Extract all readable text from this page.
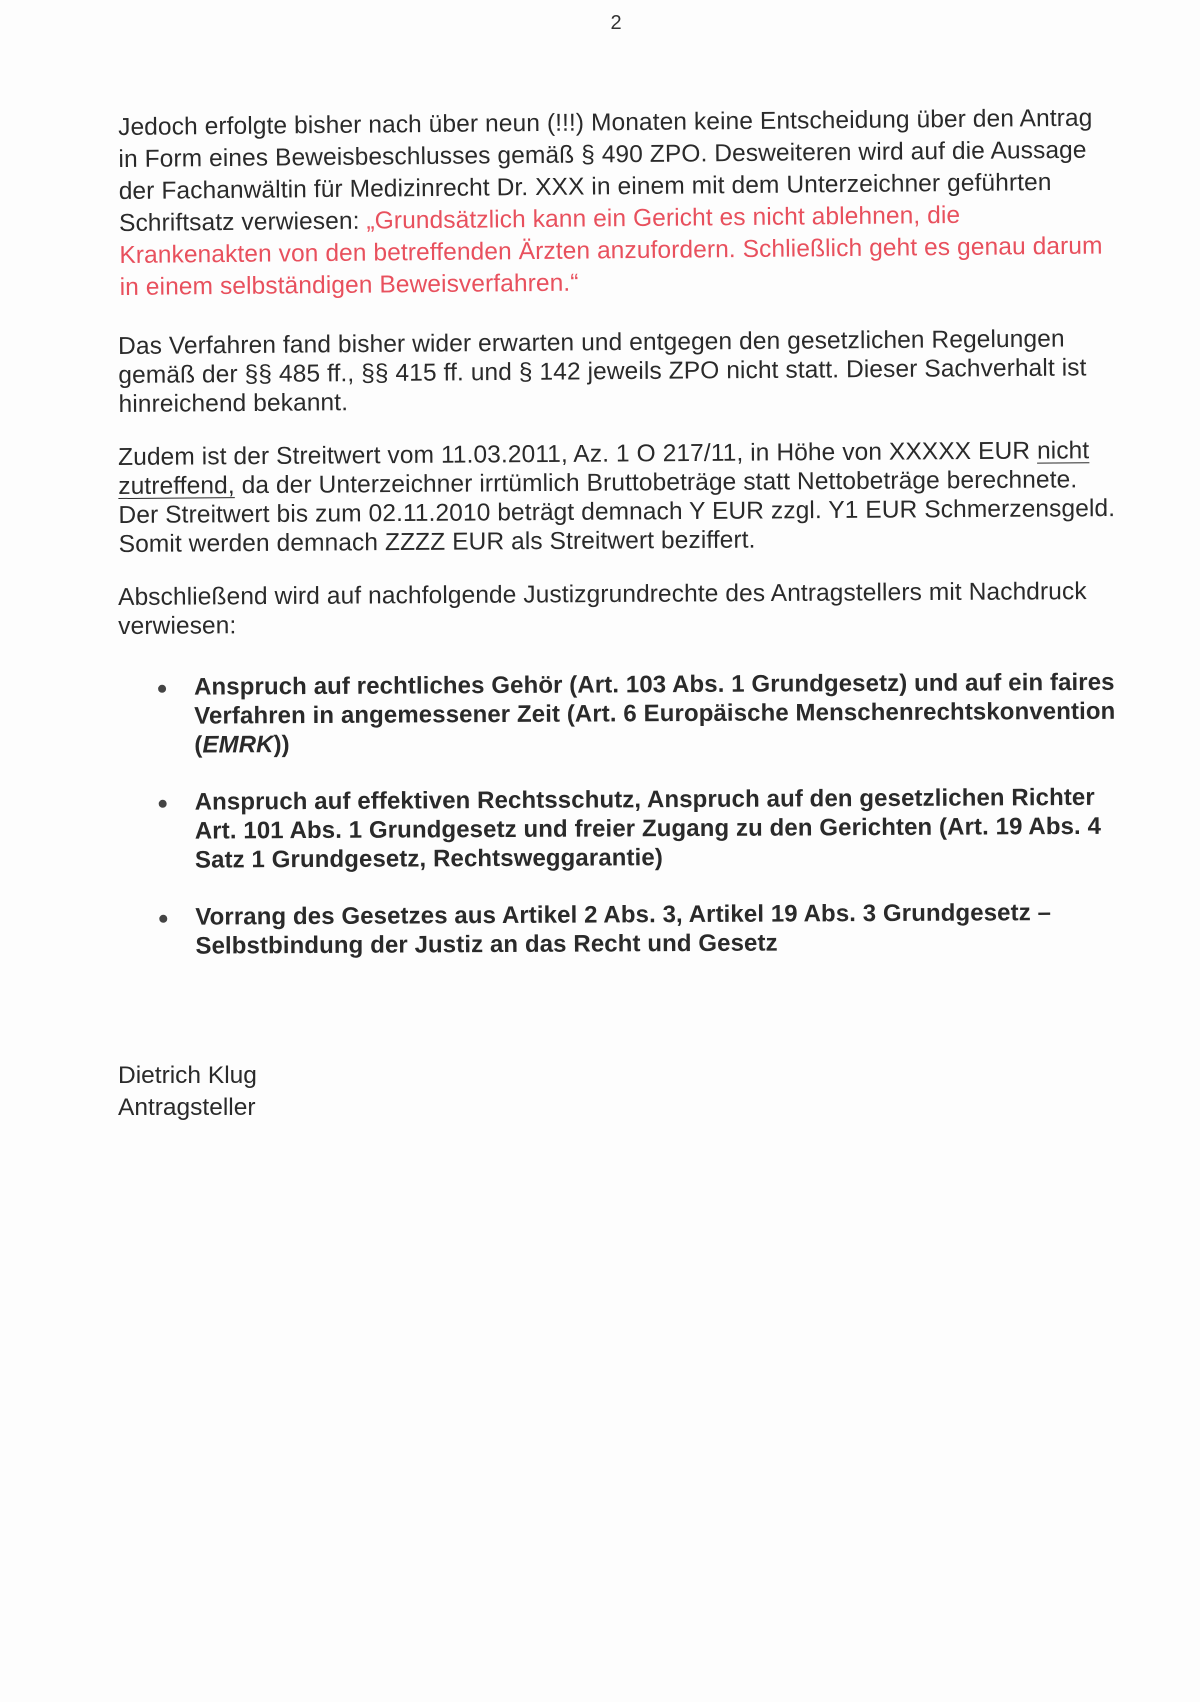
2

Jedoch erfolgte bisher nach über neun (!!!) Monaten keine Entscheidung über den Antrag in Form eines Beweisbeschlusses gemäß § 490 ZPO. Desweiteren wird auf die Aussage der Fachanwältin für Medizinrecht Dr. XXX in einem mit dem Unterzeichner geführten Schriftsatz verwiesen: „Grundsätzlich kann ein Gericht es nicht ablehnen, die Krankenakten von den betreffenden Ärzten anzufordern. Schließlich geht es genau darum in einem selbständigen Beweisverfahren.“

Das Verfahren fand bisher wider erwarten und entgegen den gesetzlichen Regelungen gemäß der §§ 485 ff., §§ 415 ff. und § 142 jeweils ZPO nicht statt. Dieser Sachverhalt ist hinreichend bekannt.

Zudem ist der Streitwert vom 11.03.2011, Az. 1 O 217/11, in Höhe von XXXXX EUR nicht zutreffend, da der Unterzeichner irrtümlich Bruttobeträge statt Nettobeträge berechnete. Der Streitwert bis zum 02.11.2010 beträgt demnach Y EUR zzgl. Y1 EUR Schmerzensgeld. Somit werden demnach ZZZZ EUR als Streitwert beziffert.

Abschließend wird auf nachfolgende Justizgrundrechte des Antragstellers mit Nachdruck verwiesen:

Anspruch auf rechtliches Gehör (Art. 103 Abs. 1 Grundgesetz) und auf ein faires Verfahren in angemessener Zeit (Art. 6 Europäische Menschenrechtskonvention (EMRK))
Anspruch auf effektiven Rechtsschutz, Anspruch auf den gesetzlichen Richter Art. 101 Abs. 1 Grundgesetz und freier Zugang zu den Gerichten (Art. 19 Abs. 4 Satz 1 Grundgesetz, Rechtsweggarantie)
Vorrang des Gesetzes aus Artikel 2 Abs. 3, Artikel 19 Abs. 3 Grundgesetz – Selbstbindung der Justiz an das Recht und Gesetz
Dietrich Klug
Antragsteller
